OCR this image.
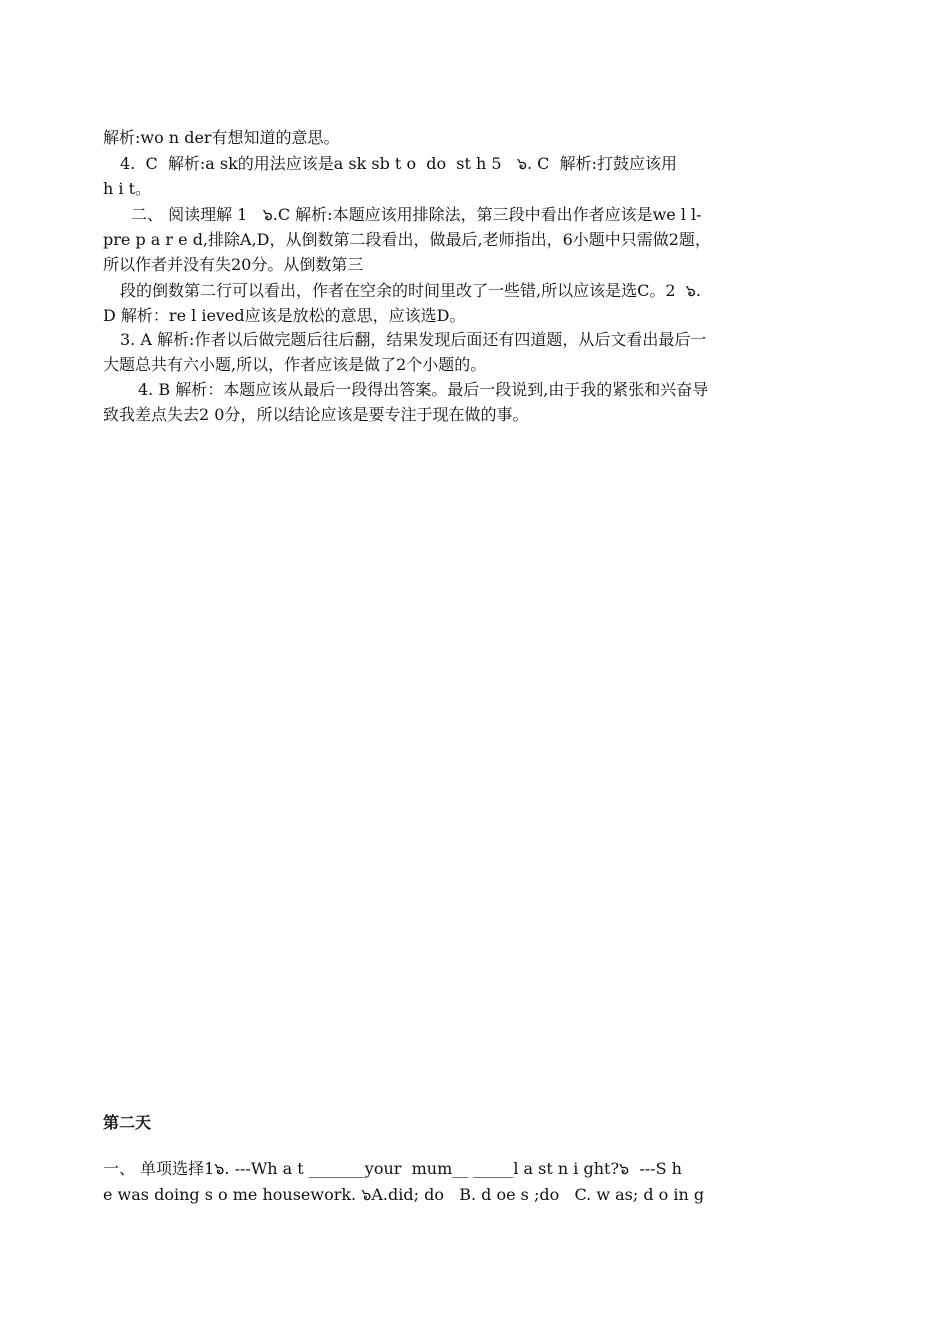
解析:wo n der有想知道的意思。
4.  C  解析:a sk的用法应该是a sk sb t o  do  st h 5   ๖. C  解析:打鼓应该用
h i t。
二、 阅读理解 1   ๖.C 解析:本题应该用排除法，第三段中看出作者应该是we l l-
pre p a r e d,排除A,D，从倒数第二段看出，做最后,老师指出，6小题中只需做2题，
所以作者并没有失20分。从倒数第三
段的倒数第二行可以看出，作者在空余的时间里改了一些错,所以应该是选C。2  ๖.
D 解析：re l ieved应该是放松的意思，应该选D。
3. A 解析:作者以后做完题后往后翻，结果发现后面还有四道题，从后文看出最后一
大题总共有六小题,所以，作者应该是做了2个小题的。
4. B 解析：本题应该从最后一段得出答案。最后一段说到,由于我的紧张和兴奋导
致我差点失去2 0分，所以结论应该是要专注于现在做的事。
第二天
一、 单项选择1๖. ---Wh a t _______your  mum__ _____l a st n i ght?๖  ---S h
e was doing s o me housework. ๖A.did; do   B. d oe s ;do   C. w as; d o in g
